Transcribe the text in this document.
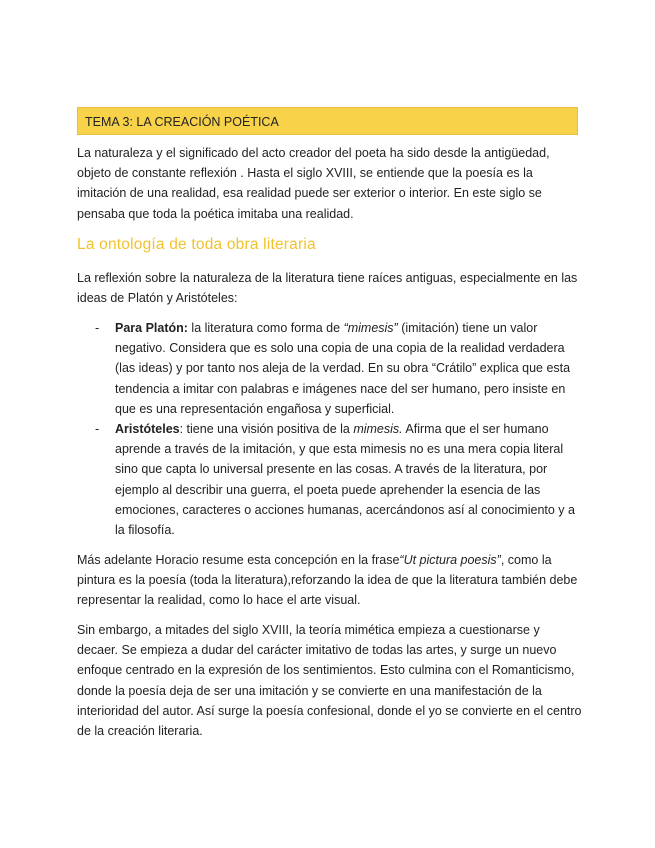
TEMA 3: LA CREACIÓN POÉTICA
La naturaleza y el significado del acto creador del poeta ha sido desde la antigüedad, objeto de constante reflexión . Hasta el siglo XVIII, se entiende que la poesía es la imitación de una realidad, esa realidad puede ser exterior o interior. En este siglo se pensaba que toda la poética imitaba una realidad.
La ontología de toda obra literaria
La reflexión sobre la naturaleza de la literatura tiene raíces antiguas, especialmente en las ideas de Platón y Aristóteles:
- Para Platón: la literatura como forma de “mimesis” (imitación) tiene un valor negativo. Considera que es solo una copia de una copia de la realidad verdadera (las ideas) y por tanto nos aleja de la verdad. En su obra “Crátilo” explica que esta tendencia a imitar con palabras e imágenes nace del ser humano, pero insiste en que es una representación engañosa y superficial.
- Aristóteles: tiene una visión positiva de la mimesis. Afirma que el ser humano aprende a través de la imitación, y que esta mimesis no es una mera copia literal sino que capta lo universal presente en las cosas. A través de la literatura, por ejemplo al describir una guerra, el poeta puede aprehender la esencia de las emociones, caracteres o acciones humanas, acercándonos así al conocimiento y a la filosofía.
Más adelante Horacio resume esta concepción en la frase“Ut pictura poesis”, como la pintura es la poesía (toda la literatura),reforzando la idea de que la literatura también debe representar la realidad, como lo hace el arte visual.
Sin embargo, a mitades del siglo XVIII, la teoría mimética empieza a cuestionarse y decaer. Se empieza a dudar del carácter imitativo de todas las artes, y surge un nuevo enfoque centrado en la expresión de los sentimientos. Esto culmina con el Romanticismo, donde la poesía deja de ser una imitación y se convierte en una manifestación de la interioridad del autor. Así surge la poesía confesional, donde el yo se convierte en el centro de la creación literaria.
